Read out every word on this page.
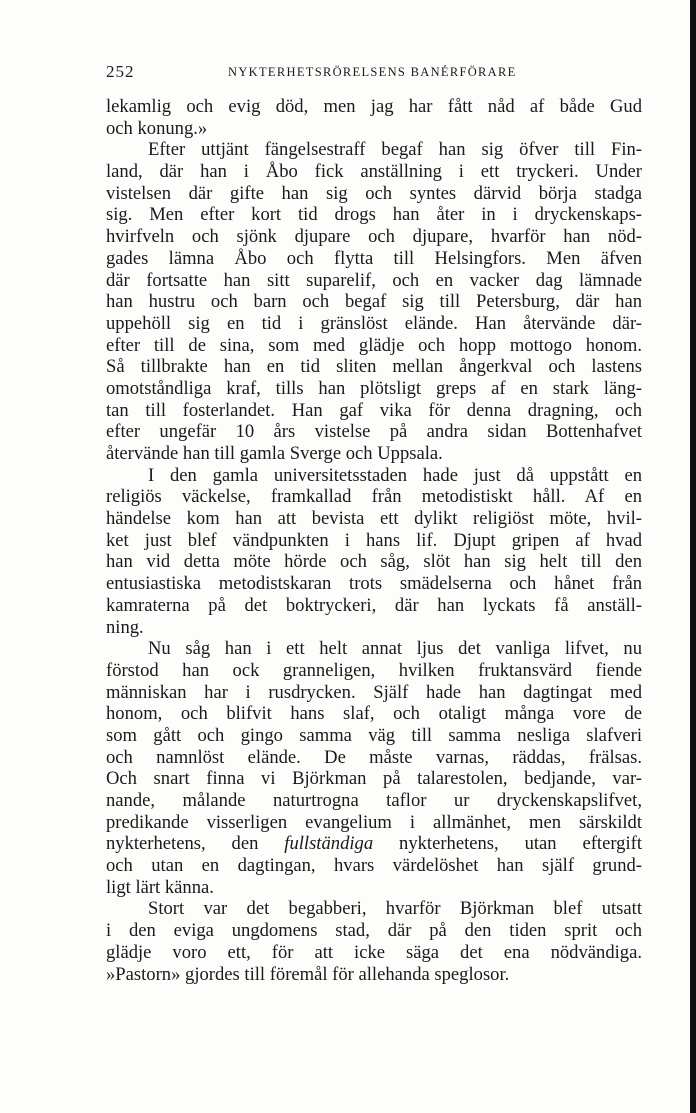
252	NYKTERHETSRÖRELSENS BANÉRFÖRARE
lekamlig och evig död, men jag har fått nåd af både Gud
och konung.»
Efter uttjänt fängelsestraff begaf han sig öfver till Fin-
land, där han i Åbo fick anställning i ett tryckeri. Under
vistelsen där gifte han sig och syntes därvid börja stadga
sig. Men efter kort tid drogs han åter in i dryckenskaps-
hvirfveln och sjönk djupare och djupare, hvarför han nöd-
gades lämna Åbo och flytta till Helsingfors. Men äfven
där fortsatte han sitt suparelif, och en vacker dag lämnade
han hustru och barn och begaf sig till Petersburg, där han
uppehöll sig en tid i gränslöst elände. Han återvände där-
efter till de sina, som med glädje och hopp mottogo honom.
Så tillbrakte han en tid sliten mellan ångerkval och lastens
omotståndliga kraf, tills han plötsligt greps af en stark läng-
tan till fosterlandet. Han gaf vika för denna dragning, och
efter ungefär 10 års vistelse på andra sidan Bottenhafvet
återvände han till gamla Sverge och Uppsala.
I den gamla universitetsstaden hade just då uppstått en
religiös väckelse, framkallad från metodistiskt håll. Af en
händelse kom han att bevista ett dylikt religiöst möte, hvil-
ket just blef vändpunkten i hans lif. Djupt gripen af hvad
han vid detta möte hörde och såg, slöt han sig helt till den
entusiastiska metodistskaran trots smädelserna och hånet från
kamraterna på det boktryckeri, där han lyckats få anställ-
ning.
Nu såg han i ett helt annat ljus det vanliga lifvet, nu
förstod han ock granneligen, hvilken fruktansvärd fiende
människan har i rusdrycken. Själf hade han dagtingat med
honom, och blifvit hans slaf, och otaligt många vore de
som gått och gingo samma väg till samma nesliga slafveri
och namnlöst elände. De måste varnas, räddas, frälsas.
Och snart finna vi Björkman på talarestolen, bedjande, var-
nande, målande naturtrogna taflor ur dryckenskapslifvet,
predikande visserligen evangelium i allmänhet, men särskildt
nykterhetens, den fullständiga nykterhetens, utan eftergift
och utan en dagtingan, hvars värdelöshet han själf grund-
ligt lärt känna.
Stort var det begabberi, hvarför Björkman blef utsatt
i den eviga ungdomens stad, där på den tiden sprit och
glädje voro ett, för att icke säga det ena nödvändiga.
»Pastorn» gjordes till föremål för allehanda speglosor.
